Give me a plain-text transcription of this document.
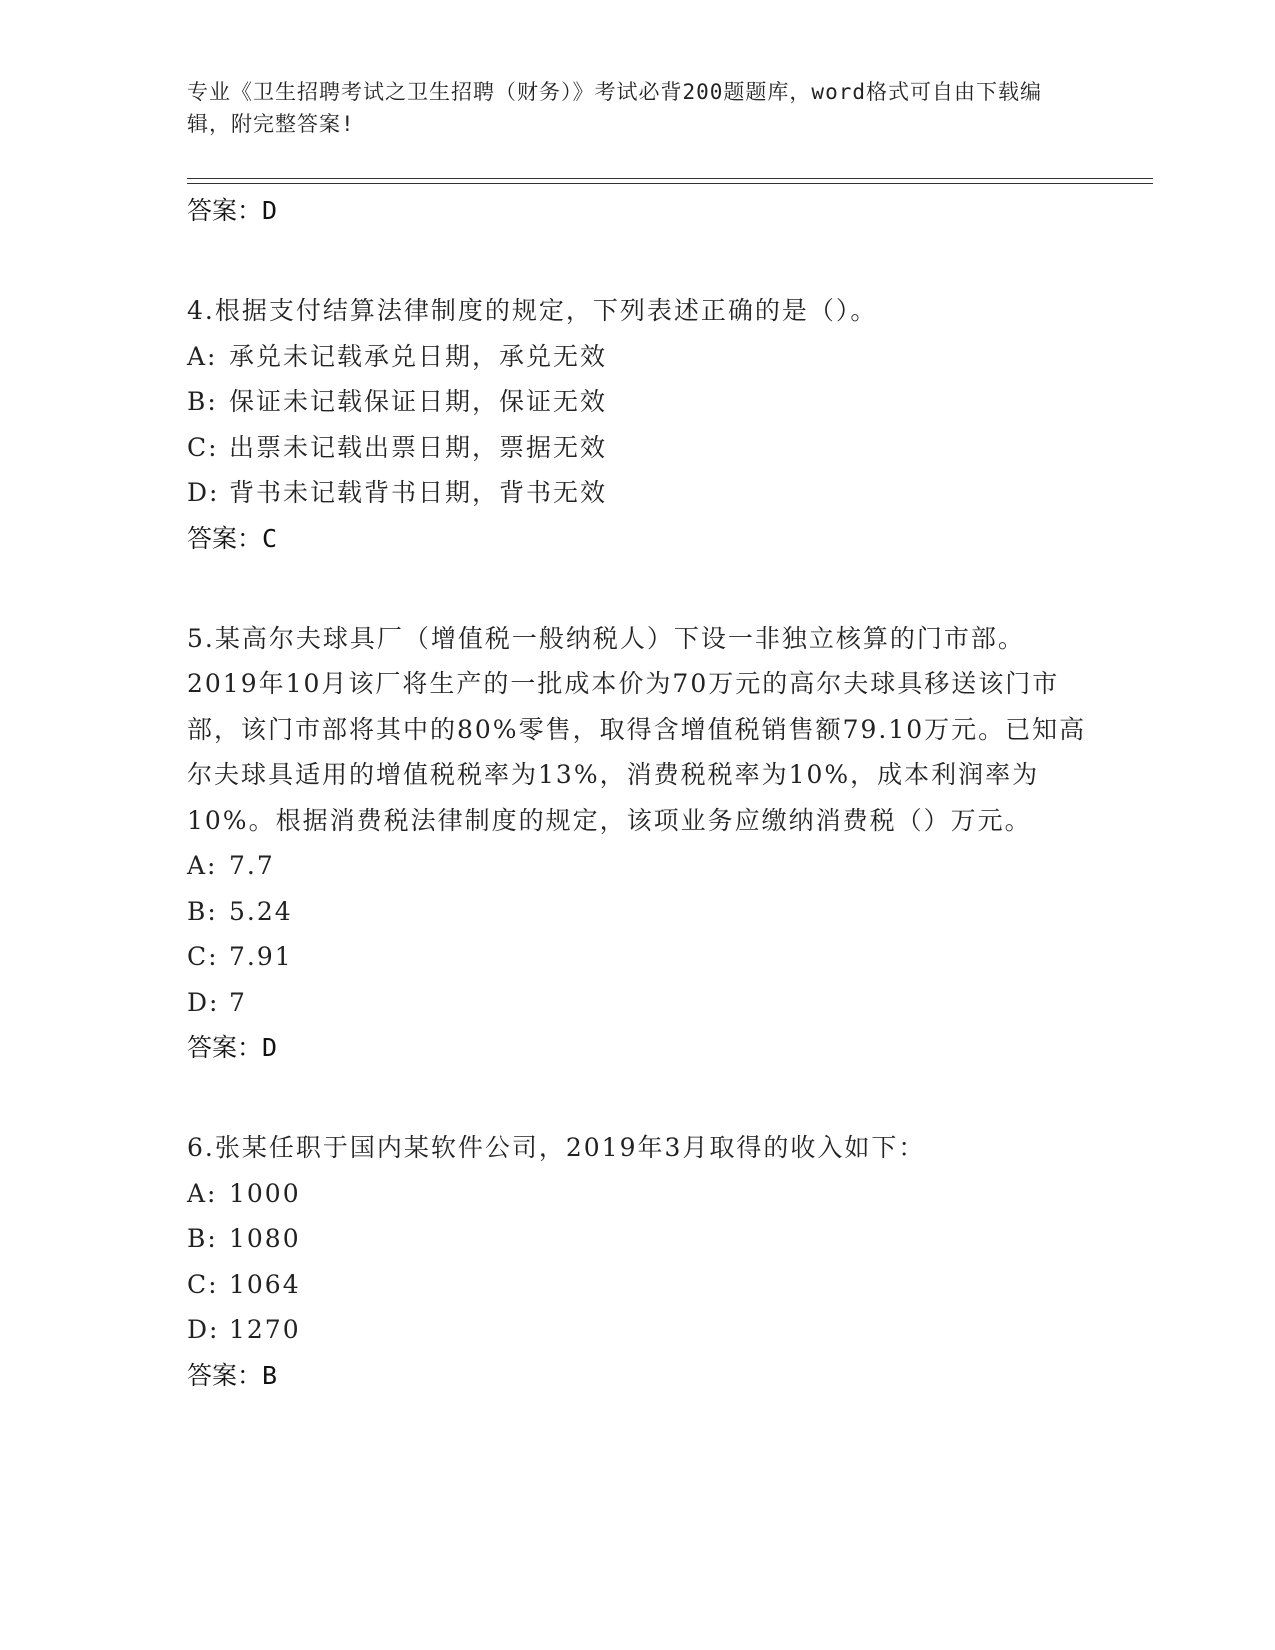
专业《卫生招聘考试之卫生招聘（财务）》考试必背200题题库，word格式可自由下载编辑，附完整答案!
答案：D
4.根据支付结算法律制度的规定，下列表述正确的是（）。
A: 承兑未记载承兑日期，承兑无效
B: 保证未记载保证日期，保证无效
C: 出票未记载出票日期，票据无效
D: 背书未记载背书日期，背书无效
答案：C
5.某高尔夫球具厂（增值税一般纳税人）下设一非独立核算的门市部。2019年10月该厂将生产的一批成本价为70万元的高尔夫球具移送该门市部，该门市部将其中的80%零售，取得含增值税销售额79.10万元。已知高尔夫球具适用的增值税税率为13%，消费税税率为10%，成本利润率为10%。根据消费税法律制度的规定，该项业务应缴纳消费税（）万元。
A: 7.7
B: 5.24
C: 7.91
D: 7
答案：D
6.张某任职于国内某软件公司，2019年3月取得的收入如下：
A: 1000
B: 1080
C: 1064
D: 1270
答案：B
